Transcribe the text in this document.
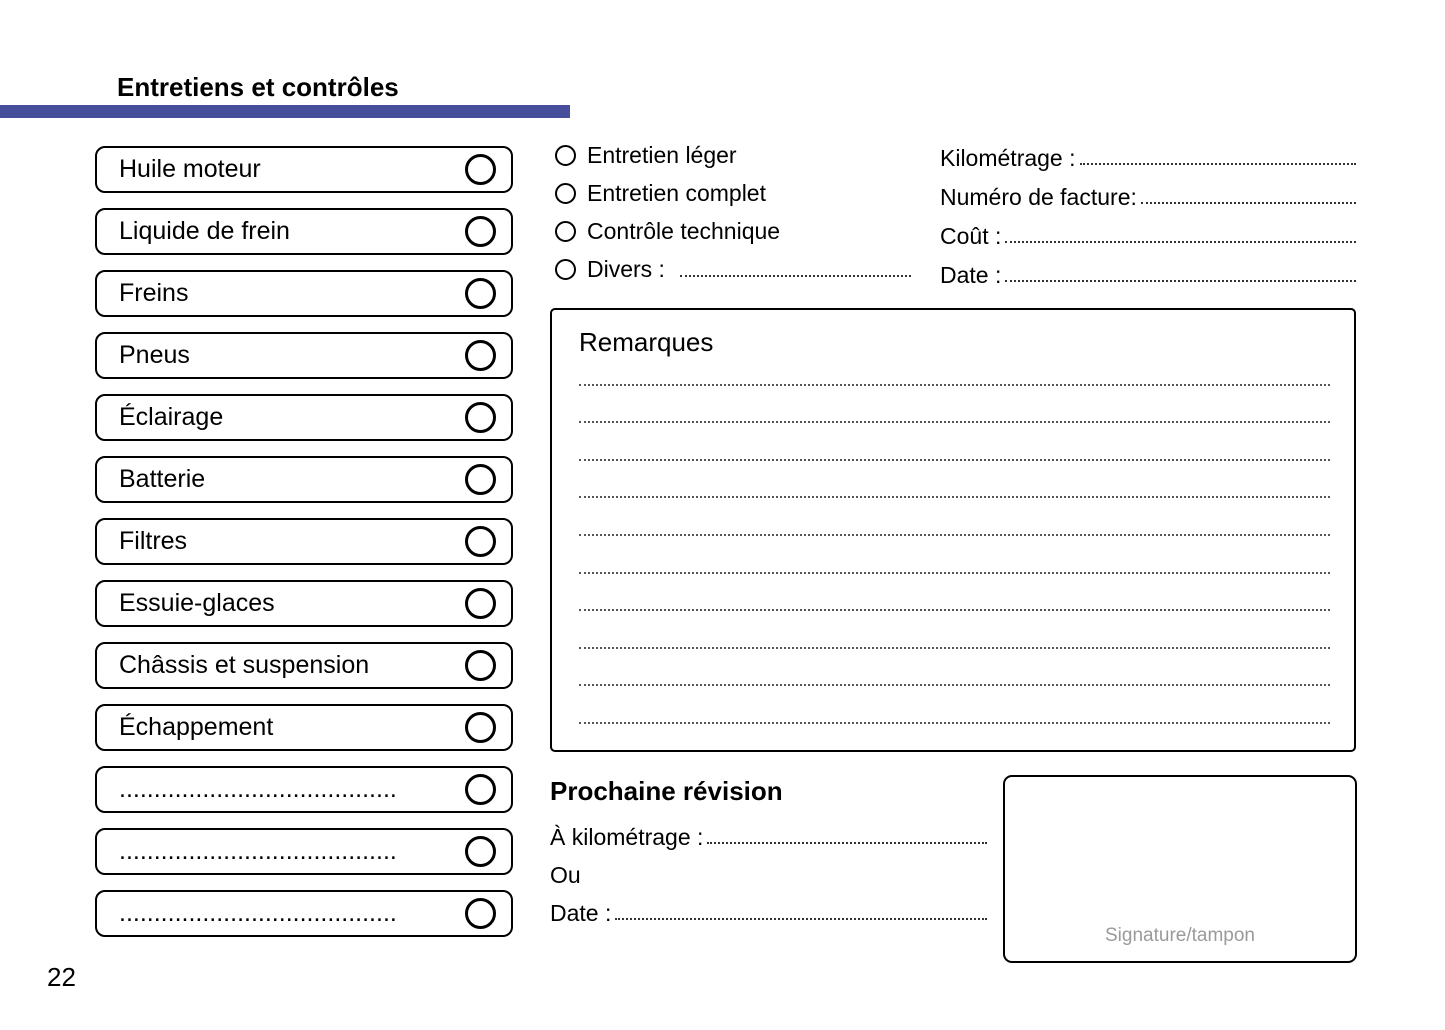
Entretiens et contrôles
Huile moteur
Liquide de frein
Freins
Pneus
Éclairage
Batterie
Filtres
Essuie-glaces
Châssis et suspension
Échappement
........................................
........................................
........................................
Entretien léger
Entretien complet
Contrôle technique
Divers :
Kilométrage :
Numéro de facture:
Coût :
Date :
Remarques
Prochaine révision
À kilométrage :
Ou
Date :
Signature/tampon
22
